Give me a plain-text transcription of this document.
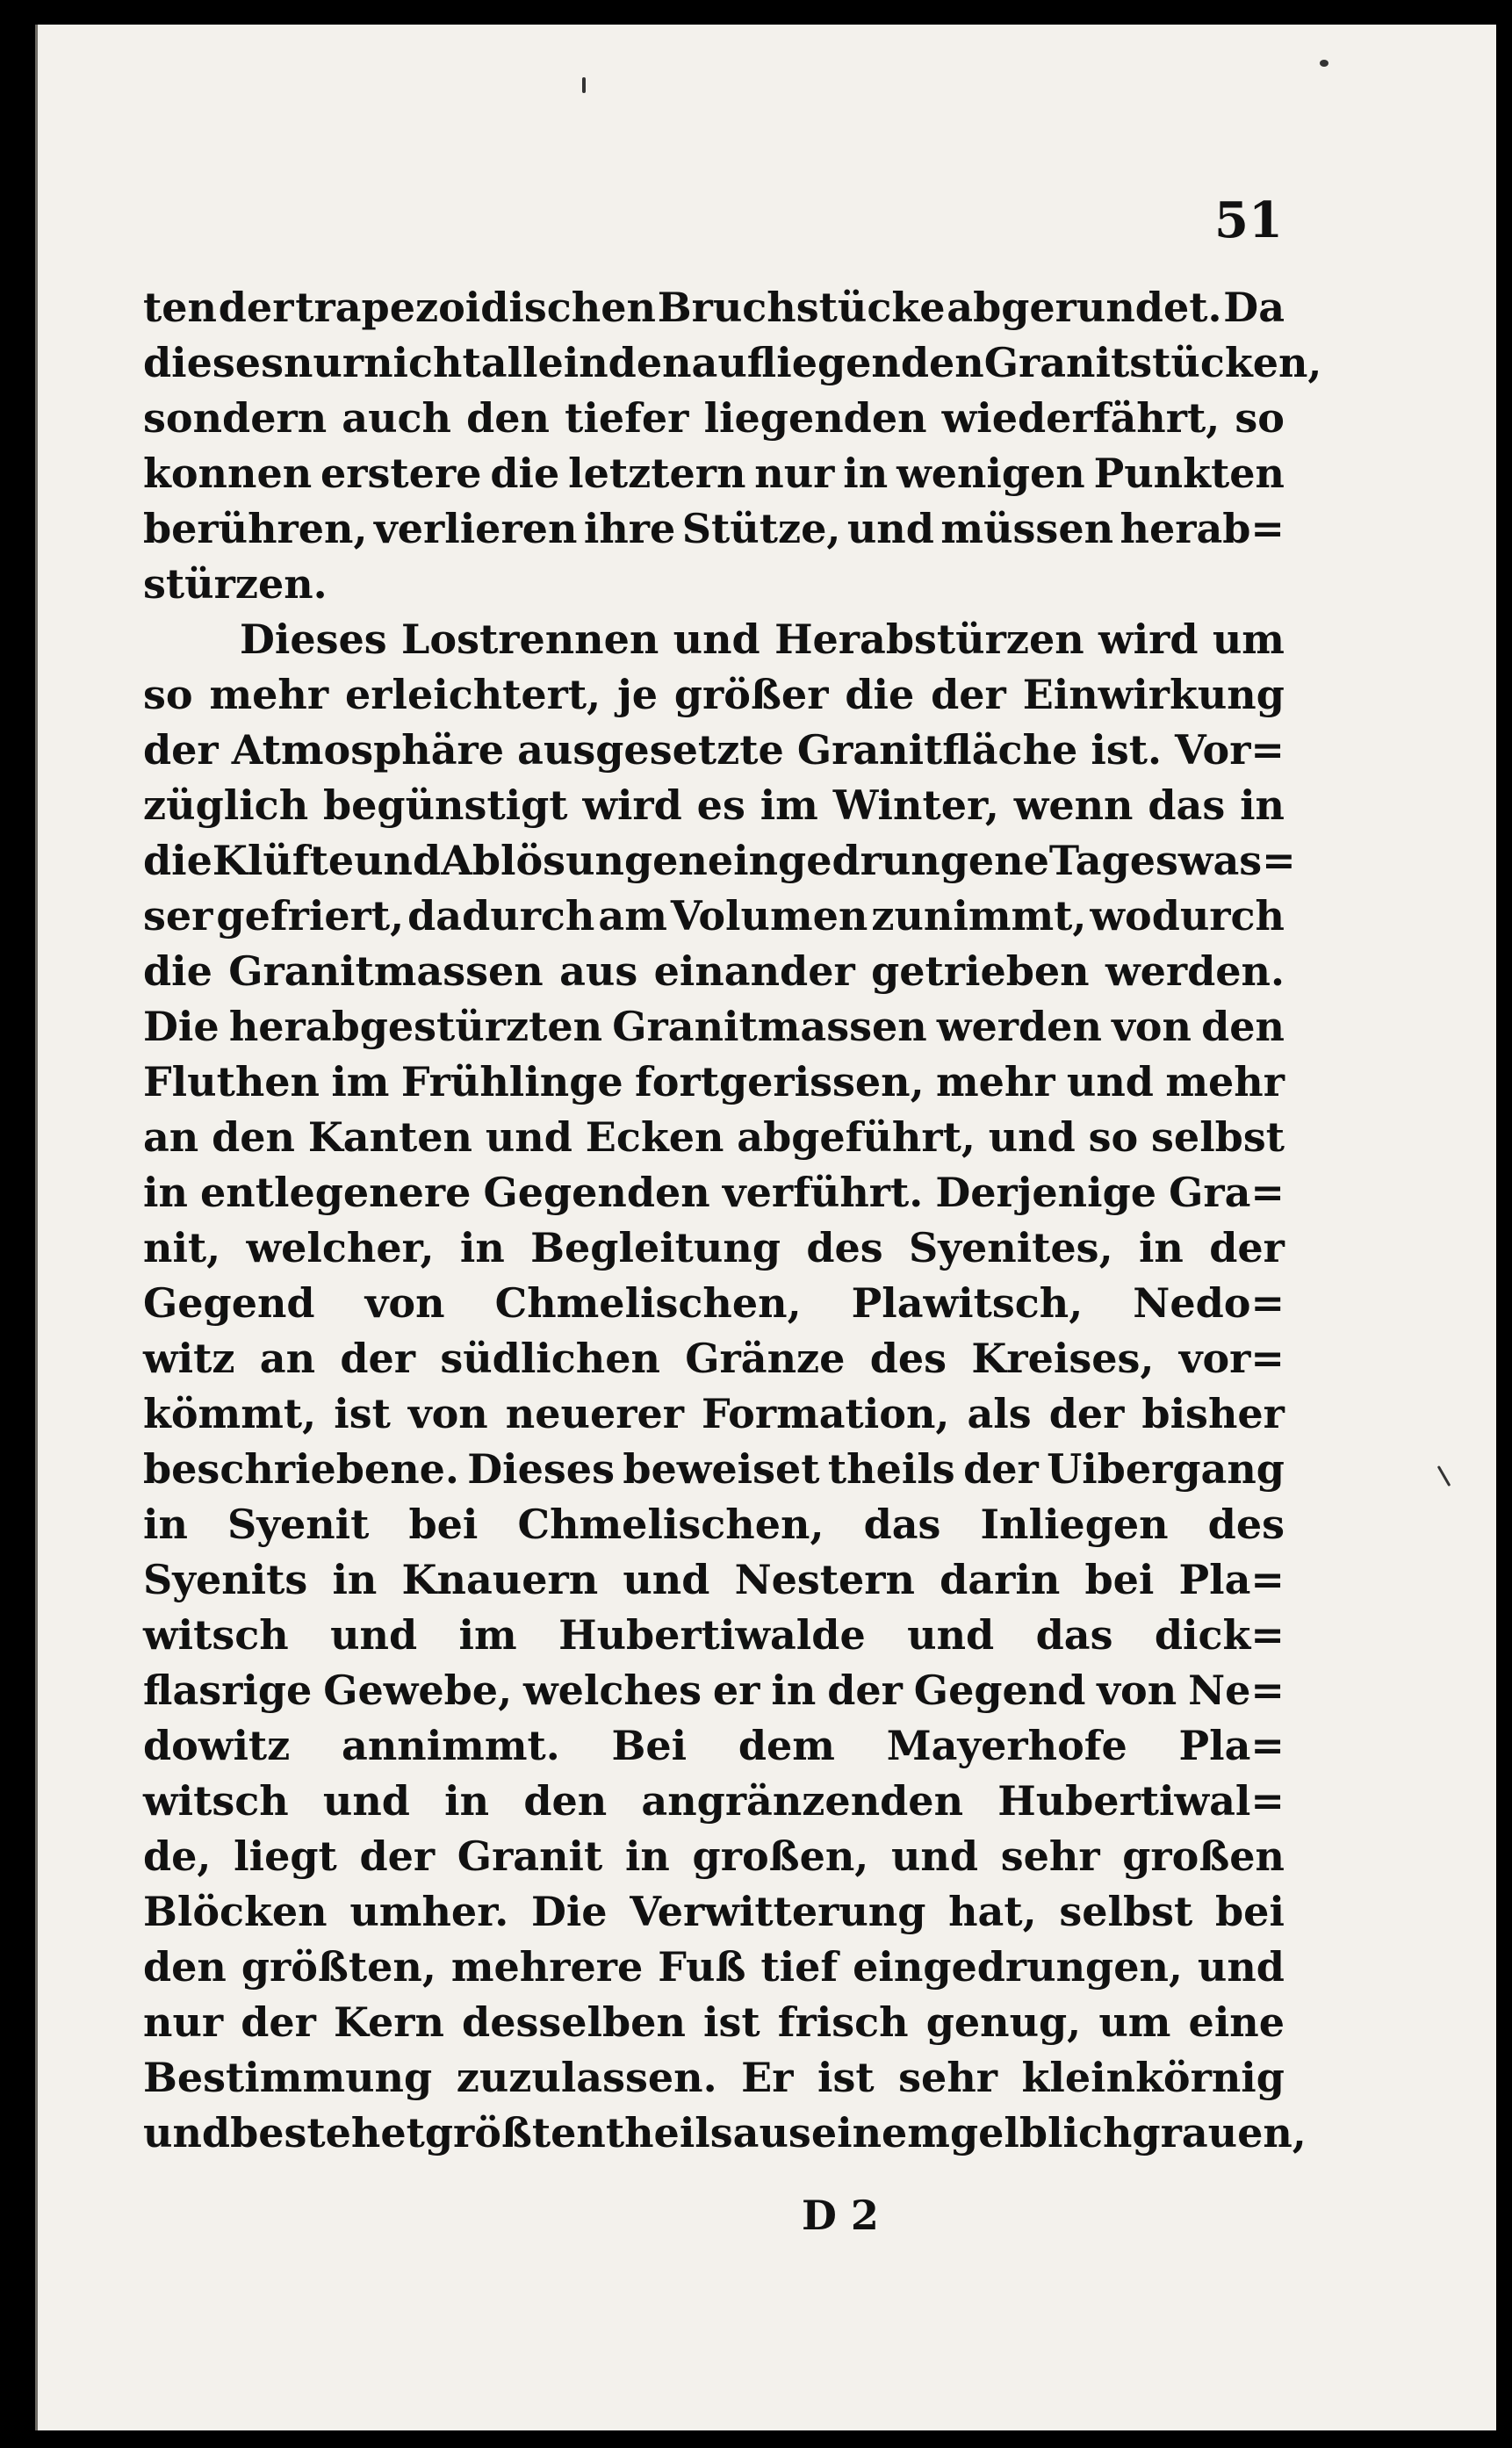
51
ten der trapezoidischen Bruchstücke abgerundet. Da
dieses nur nicht allein den aufliegenden Granitstücken,
sondern auch den tiefer liegenden wiederfährt, so
konnen erstere die letztern nur in wenigen Punkten
berühren, verlieren ihre Stütze, und müssen herab=
stürzen.
Dieses Lostrennen und Herabstürzen wird um
so mehr erleichtert, je größer die der Einwirkung
der Atmosphäre ausgesetzte Granitfläche ist. Vor=
züglich begünstigt wird es im Winter, wenn das in
die Klüfte und Ablösungen eingedrungene Tageswas=
ser gefriert, dadurch am Volumen zunimmt, wodurch
die Granitmassen aus einander getrieben werden.
Die herabgestürzten Granitmassen werden von den
Fluthen im Frühlinge fortgerissen, mehr und mehr
an den Kanten und Ecken abgeführt, und so selbst
in entlegenere Gegenden verführt. Derjenige Gra=
nit, welcher, in Begleitung des Syenites, in der
Gegend von Chmelischen, Plawitsch, Nedo=
witz an der südlichen Gränze des Kreises, vor=
kömmt, ist von neuerer Formation, als der bisher
beschriebene. Dieses beweiset theils der Uibergang
in Syenit bei Chmelischen, das Inliegen des
Syenits in Knauern und Nestern darin bei Pla=
witsch und im Hubertiwalde und das dick=
flasrige Gewebe, welches er in der Gegend von Ne=
dowitz annimmt. Bei dem Mayerhofe Pla=
witsch und in den angränzenden Hubertiwal=
de, liegt der Granit in großen, und sehr großen
Blöcken umher. Die Verwitterung hat, selbst bei
den größten, mehrere Fuß tief eingedrungen, und
nur der Kern desselben ist frisch genug, um eine
Bestimmung zuzulassen. Er ist sehr kleinkörnig
und bestehet größtentheils aus einem gelblichgrauen,
D 2
